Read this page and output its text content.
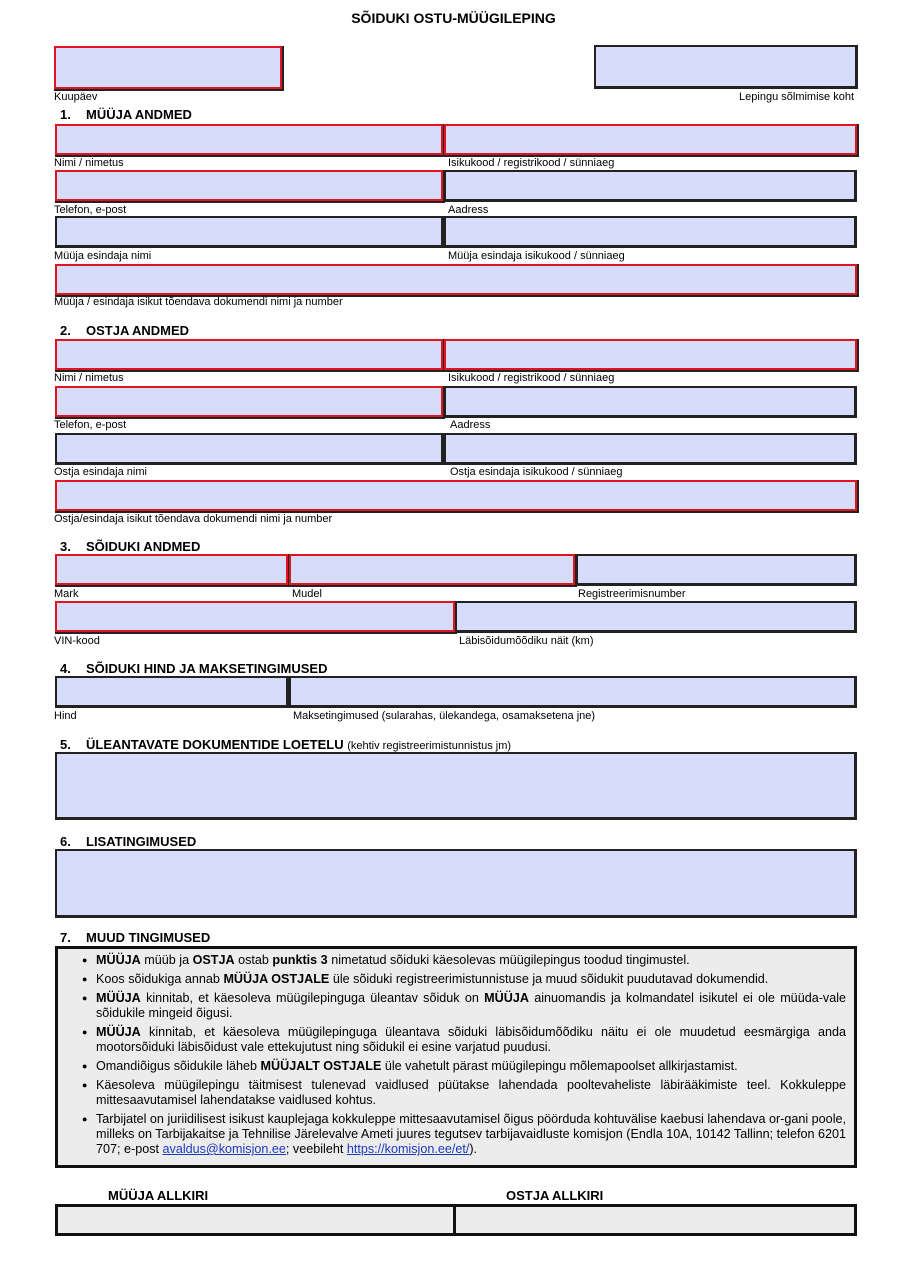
SÕIDUKI OSTU-MÜÜGILEPING
Kuupäev	Lepingu sõlmimise koht
1. MÜÜJA ANDMED
Nimi / nimetus	Isikukood / registrikood / sünniaeg
Telefon, e-post	Aadress
Müüja esindaja nimi	Müüja esindaja isikukood / sünniaeg
Müüja / esindaja isikut tõendava dokumendi nimi ja number
2. OSTJA ANDMED
Nimi / nimetus	Isikukood / registrikood / sünniaeg
Telefon, e-post	Aadress
Ostja esindaja nimi	Ostja esindaja isikukood / sünniaeg
Ostja/esindaja isikut tõendava dokumendi nimi ja number
3. SÕIDUKI ANDMED
Mark	Mudel	Registreerimisnumber
VIN-kood	Läbisõidumõõdiku näit (km)
4. SÕIDUKI HIND JA MAKSETINGIMUSED
Hind	Maksetingimused (sularahas, ülekandega, osamaksetena jne)
5. ÜLEANTAVATE DOKUMENTIDE LOETELU (kehtiv registreerimistunnistus jm)
6. LISATINGIMUSED
7. MUUD TINGIMUSED
● MÜÜJA müüb ja OSTJA ostab punktis 3 nimetatud sõiduki käesolevas müügilepingus toodud tingimustel.
● Koos sõidukiga annab MÜÜJA OSTJALE üle sõiduki registreerimistunnistuse ja muud sõidukit puudutavad dokumendid.
● MÜÜJA kinnitab, et käesoleva müügilepinguga üleantav sõiduk on MÜÜJA ainuomandis ja kolmandatel isikutel ei ole müüda-vale sõidukile mingeid õigusi.
● MÜÜJA kinnitab, et käesoleva müügilepinguga üleantava sõiduki läbisõidumõõdiku näitu ei ole muudetud eesmärgiga anda mootorsõiduki läbisõidust vale ettekujutust ning sõidukil ei esine varjatud puudusi.
● Omandiõigus sõidukile läheb MÜÜJALT OSTJALE üle vahetult pärast müügilepingu mõlemapoolset allkirjastamist.
● Käesoleva müügilepingu täitmisest tulenevad vaidlused püütakse lahendada pooltevaheliste läbirääkimiste teel. Kokkuleppe mittesaavutamisel lahendatakse vaidlused kohtus.
● Tarbijatel on juriidilisest isikust kauplejaga kokkuleppe mittesaavutamisel õigus pöörduda kohtuvälise kaebusi lahendava or-gani poole, milleks on Tarbijakaitse ja Tehnilise Järelevalve Ameti juures tegutsev tarbijavaidluste komisjon (Endla 10A, 10142 Tallinn; telefon 6201 707; e-post avaldus@komisjon.ee; veebileht https://komisjon.ee/et/).
MÜÜJA ALLKIRI	OSTJA ALLKIRI
